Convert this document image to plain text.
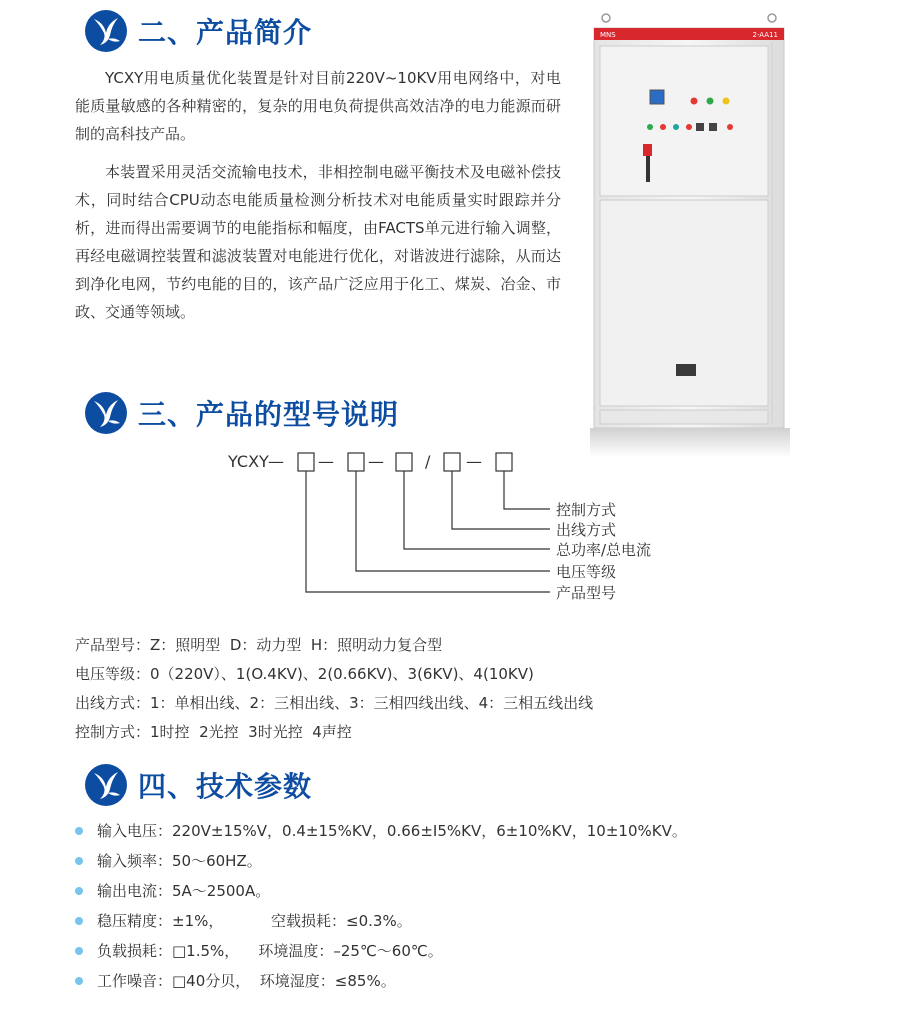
二、产品简介

YCXY用电质量优化装置是针对目前220V~10KV用电网络中，对电能质量敏感的各种精密的，复杂的用电负荷提供高效洁净的电力能源而研制的高科技产品。

本装置采用灵活交流输电技术，非相控制电磁平衡技术及电磁补偿技术，同时结合CPU动态电能质量检测分析技术对电能质量实时跟踪并分析，进而得出需要调节的电能指标和幅度，由FACTS单元进行输入调整，再经电磁调控装置和滤波装置对电能进行优化，对谐波进行滤除，从而达到净化电网，节约电能的目的，该产品广泛应用于化工、煤炭、冶金、市政、交通等领域。

MNS	2-AA11
三、产品的型号说明
YCXY — — —	/ —
控制方式
出线方式
总功率/总电流
电压等级
产品型号
产品型号：Z：照明型  D：动力型  H：照明动力复合型
电压等级：0（220V）、1(O.4KV)、2(0.66KV)、3(6KV)、4(10KV)
出线方式：1：单相出线、2：三相出线、3：三相四线出线、4：三相五线出线
控制方式：1时控  2光控  3时光控  4声控
四、技术参数
输入电压：220V±15%V，0.4±15%KV，0.66±I5%KV，6±10%KV，10±10%KV。
输入频率：50～60HZ。
输出电流：5A～2500A。
稳压精度：±1%，          空载损耗：≤0.3%。
负载损耗：□1.5%，    环境温度：–25℃～60℃。
工作噪音：□40分贝，  环境湿度：≤85%。
